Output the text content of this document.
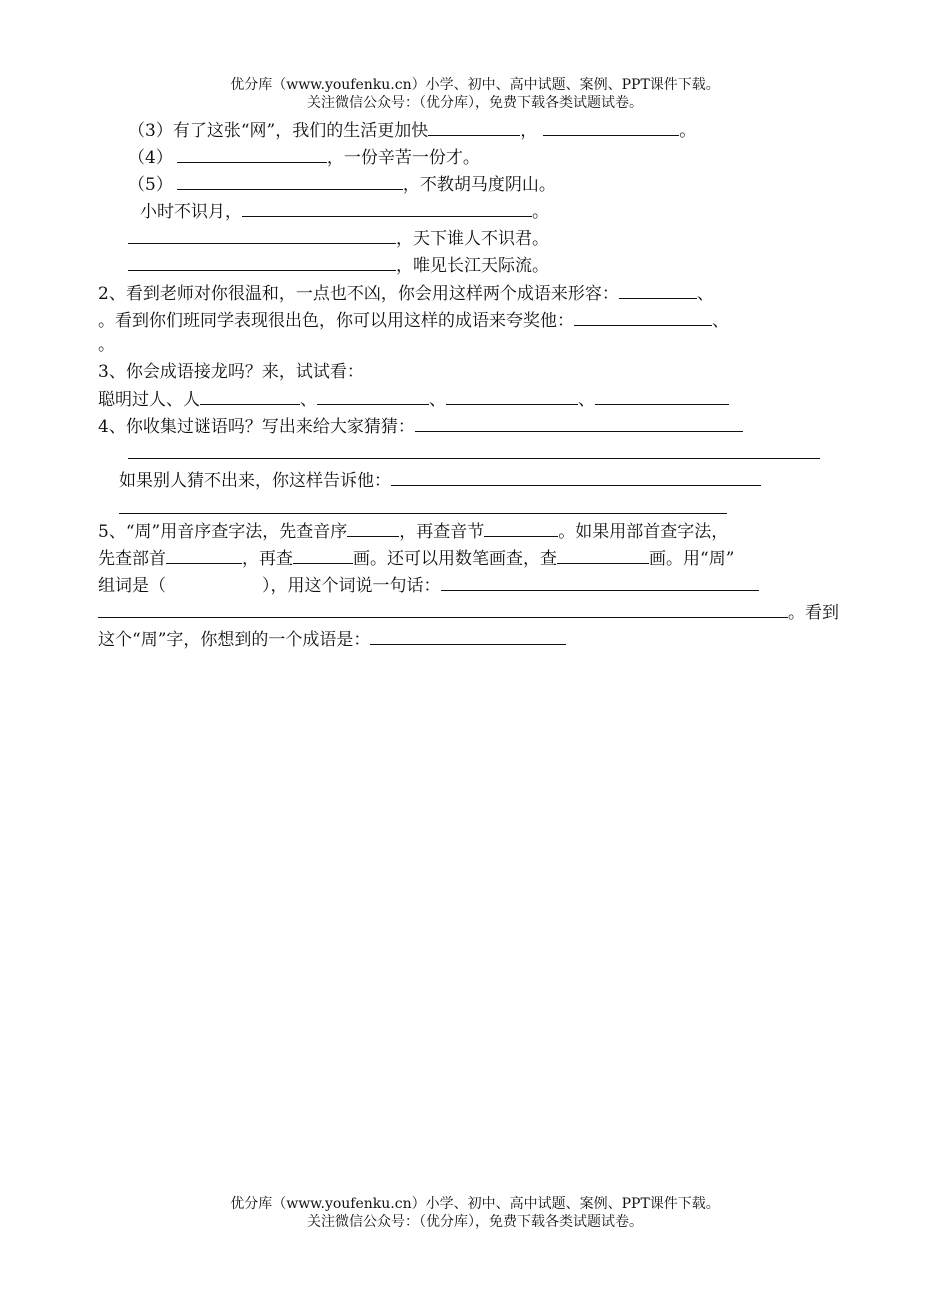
优分库（www.youfenku.cn）小学、初中、高中试题、案例、PPT课件下载。
关注微信公众号：（优分库），免费下载各类试题试卷。
（3）有了这张“网”，我们的生活更加快	，	。
（4）	，一份辛苦一份才。
（5）	，不教胡马度阴山。
小时不识月，	。
，天下谁人不识君。
，唯见长江天际流。
2、看到老师对你很温和，一点也不凶，你会用这样两个成语来形容：	、
。看到你们班同学表现很出色，你可以用这样的成语来夸奖他：	、
。
3、你会成语接龙吗？来，试试看：
聪明过人、人	、	、	、
4、你收集过谜语吗？写出来给大家猜猜：
如果别人猜不出来，你这样告诉他：
5、“周”用音序查字法，先查音序	，再查音节	。如果用部首查字法，
先查部首	，再查	画。还可以用数笔画查，查	画。用“周”
组词是（	），用这个词说一句话：
。看到
这个“周”字，你想到的一个成语是：
优分库（www.youfenku.cn）小学、初中、高中试题、案例、PPT课件下载。
关注微信公众号：（优分库），免费下载各类试题试卷。
